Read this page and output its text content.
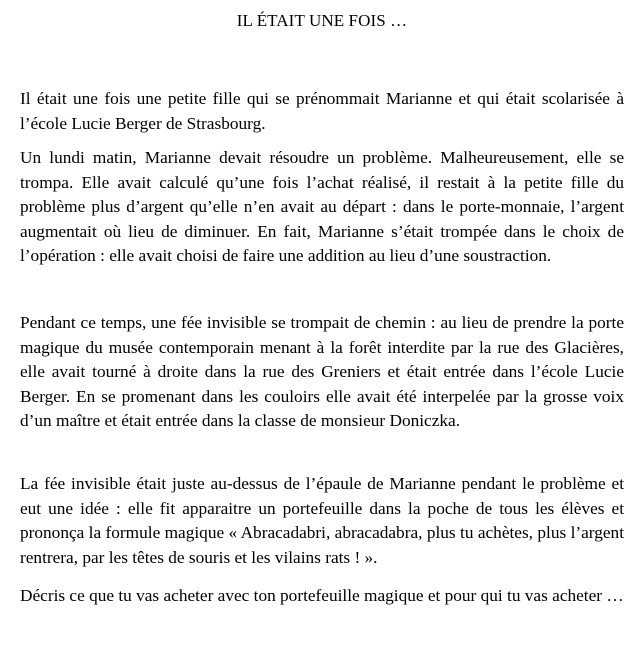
IL ÉTAIT UNE FOIS …

Il était une fois une petite fille qui se prénommait Marianne et qui était scolarisée à l’école Lucie Berger de Strasbourg.

Un lundi matin, Marianne devait résoudre un problème. Malheureusement, elle se trompa. Elle avait calculé qu’une fois l’achat réalisé, il restait à la petite fille du problème plus d’argent qu’elle n’en avait au départ : dans le porte-monnaie, l’argent augmentait où lieu de diminuer. En fait, Marianne s’était trompée dans le choix de l’opération : elle avait choisi de faire une addition au lieu d’une soustraction.

Pendant ce temps, une fée invisible se trompait de chemin : au lieu de prendre la porte magique du musée contemporain menant à la forêt interdite par la rue des Glacières, elle avait tourné à droite dans la rue des Greniers et était entrée dans l’école Lucie Berger. En se promenant dans les couloirs elle avait été interpelée par la grosse voix d’un maître et était entrée dans la classe de monsieur Doniczka.

La fée invisible était juste au-dessus de l’épaule de Marianne pendant le problème et eut une idée : elle fit apparaitre un portefeuille dans la poche de tous les élèves et prononça la formule magique « Abracadabri, abracadabra, plus tu achètes, plus l’argent rentrera, par les têtes de souris et les vilains rats ! ».

Décris ce que tu vas acheter avec ton portefeuille magique et pour qui tu vas acheter …
